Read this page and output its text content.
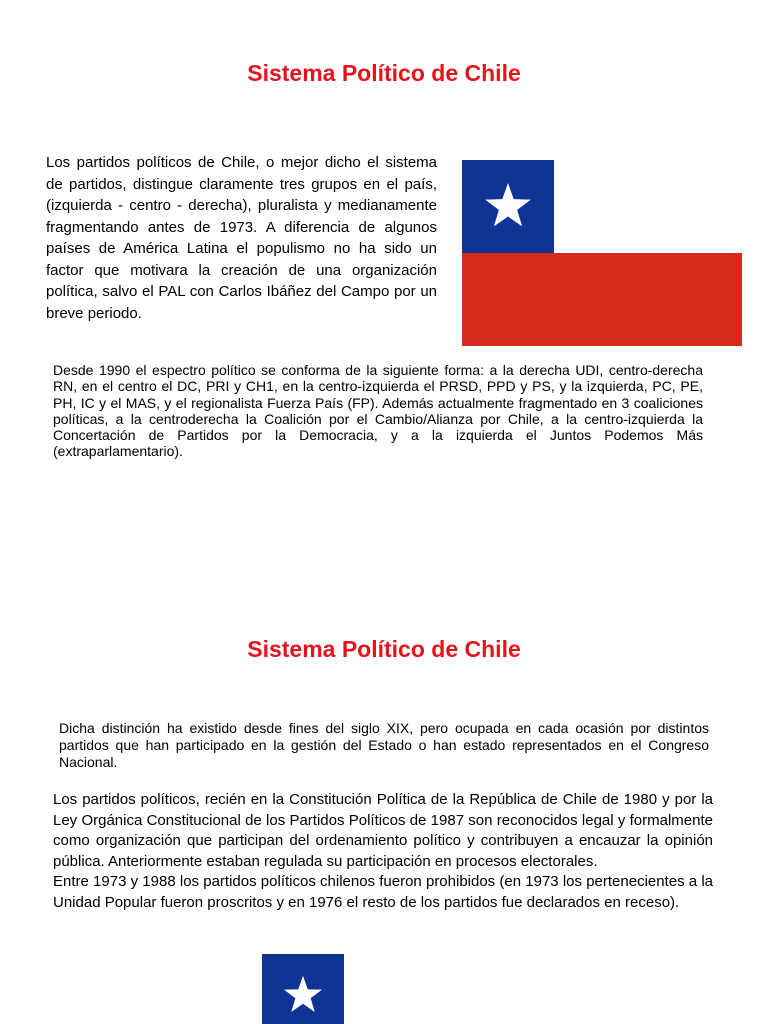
Sistema Político de Chile

Los partidos políticos de Chile, o mejor dicho el sistema de partidos, distingue claramente tres grupos en el país, (izquierda - centro - derecha), pluralista y medianamente fragmentando antes de 1973. A diferencia de algunos países de América Latina el populismo no ha sido un factor que motivara la creación de una organización política, salvo el PAL con Carlos Ibáñez del Campo por un breve periodo.

Desde 1990 el espectro político se conforma de la siguiente forma: a la derecha UDI, centro-derecha RN, en el centro el DC, PRI y CH1, en la centro-izquierda el PRSD, PPD y PS, y la izquierda, PC, PE, PH, IC y el MAS, y el regionalista Fuerza País (FP). Además actualmente fragmentado en 3 coaliciones políticas, a la centroderecha la Coalición por el Cambio/Alianza por Chile, a la centro-izquierda la Concertación de Partidos por la Democracia, y a la izquierda el Juntos Podemos Más (extraparlamentario).

Sistema Político de Chile

Dicha distinción ha existido desde fines del siglo XIX, pero ocupada en cada ocasión por distintos partidos que han participado en la gestión del Estado o han estado representados en el Congreso Nacional.

Los partidos políticos, recién en la Constitución Política de la República de Chile de 1980 y por la Ley Orgánica Constitucional de los Partidos Políticos de 1987 son reconocidos legal y formalmente como organización que participan del ordenamiento político y contribuyen a encauzar la opinión pública. Anteriormente estaban regulada su participación en procesos electorales.
Entre 1973 y 1988 los partidos políticos chilenos fueron prohibidos (en 1973 los pertenecientes a la Unidad Popular fueron proscritos y en 1976 el resto de los partidos fue declarados en receso).
